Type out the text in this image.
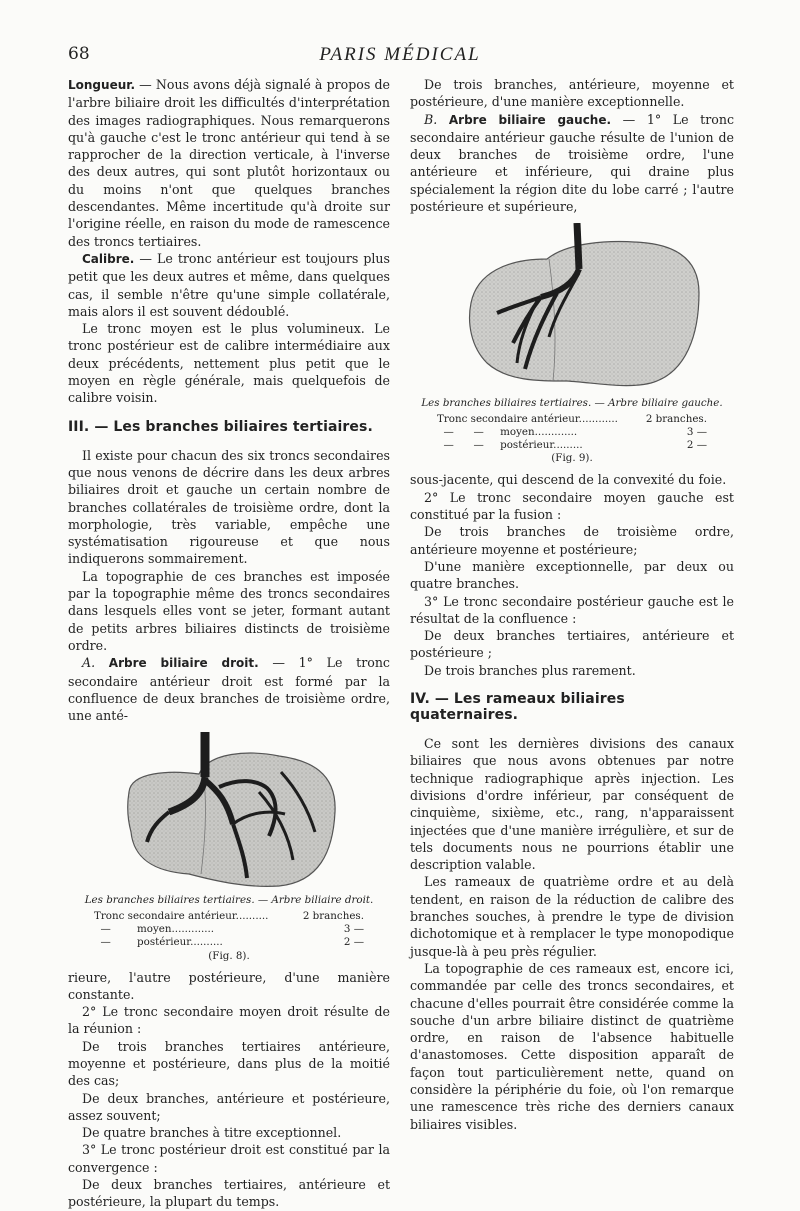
68	PARIS MÉDICAL

Longueur. — Nous avons déjà signalé à propos de l'arbre biliaire droit les difficultés d'interprétation des images radiographiques. Nous remarquerons qu'à gauche c'est le tronc antérieur qui tend à se rapprocher de la direction verticale, à l'inverse des deux autres, qui sont plutôt horizontaux ou du moins n'ont que quelques branches descendantes. Même incertitude qu'à droite sur l'origine réelle, en raison du mode de ramescence des troncs tertiaires.

Calibre. — Le tronc antérieur est toujours plus petit que les deux autres et même, dans quelques cas, il semble n'être qu'une simple collatérale, mais alors il est souvent dédoublé.

Le tronc moyen est le plus volumineux. Le tronc postérieur est de calibre intermédiaire aux deux précédents, nettement plus petit que le moyen en règle générale, mais quelquefois de calibre voisin.

III. — Les branches biliaires tertiaires.

Il existe pour chacun des six troncs secondaires que nous venons de décrire dans les deux arbres biliaires droit et gauche un certain nombre de branches collatérales de troisième ordre, dont la morphologie, très variable, empêche une systématisation rigoureuse et que nous indiquerons sommairement.

La topographie de ces branches est imposée par la topographie même des troncs secondaires dans lesquels elles vont se jeter, formant autant de petits arbres biliaires distincts de troisième ordre.

A. Arbre biliaire droit. — 1° Le tronc secondaire antérieur droit est formé par la confluence de deux branches de troisième ordre, une anté-

Les branches biliaires tertiaires. — Arbre biliaire droit.
Tronc secondaire antérieur..........	2 branches.
—        moyen.............	3 —
—        postérieur..........	2 —
(Fig. 8).

rieure, l'autre postérieure, d'une manière constante.

2° Le tronc secondaire moyen droit résulte de la réunion :

De trois branches tertiaires antérieure, moyenne et postérieure, dans plus de la moitié des cas;

De deux branches, antérieure et postérieure, assez souvent;

De quatre branches à titre exceptionnel.

3° Le tronc postérieur droit est constitué par la convergence :

De deux branches tertiaires, antérieure et postérieure, la plupart du temps.

De trois branches, antérieure, moyenne et postérieure, d'une manière exceptionnelle.

B. Arbre biliaire gauche. — 1° Le tronc secondaire antérieur gauche résulte de l'union de deux branches de troisième ordre, l'une antérieure et inférieure, qui draine plus spécialement la région dite du lobe carré ; l'autre postérieure et supérieure,

Les branches biliaires tertiaires. — Arbre biliaire gauche.
Tronc secondaire antérieur............	2 branches.
—      —     moyen.............	3 —
—      —     postérieur.........	2 —
(Fig. 9).

sous-jacente, qui descend de la convexité du foie.

2° Le tronc secondaire moyen gauche est constitué par la fusion :

De trois branches de troisième ordre, antérieure moyenne et postérieure;

D'une manière exceptionnelle, par deux ou quatre branches.

3° Le tronc secondaire postérieur gauche est le résultat de la confluence :

De deux branches tertiaires, antérieure et postérieure ;

De trois branches plus rarement.

IV. — Les rameaux biliaires quaternaires.

Ce sont les dernières divisions des canaux biliaires que nous avons obtenues par notre technique radiographique après injection. Les divisions d'ordre inférieur, par conséquent de cinquième, sixième, etc., rang, n'apparaissent injectées que d'une manière irrégulière, et sur de tels documents nous ne pourrions établir une description valable.

Les rameaux de quatrième ordre et au delà tendent, en raison de la réduction de calibre des branches souches, à prendre le type de division dichotomique et à remplacer le type monopodique jusque-là à peu près régulier.

La topographie de ces rameaux est, encore ici, commandée par celle des troncs secondaires, et chacune d'elles pourrait être considérée comme la souche d'un arbre biliaire distinct de quatrième ordre, en raison de l'absence habituelle d'anastomoses. Cette disposition apparaît de façon tout particulièrement nette, quand on considère la périphérie du foie, où l'on remarque une ramescence très riche des derniers canaux biliaires visibles.
